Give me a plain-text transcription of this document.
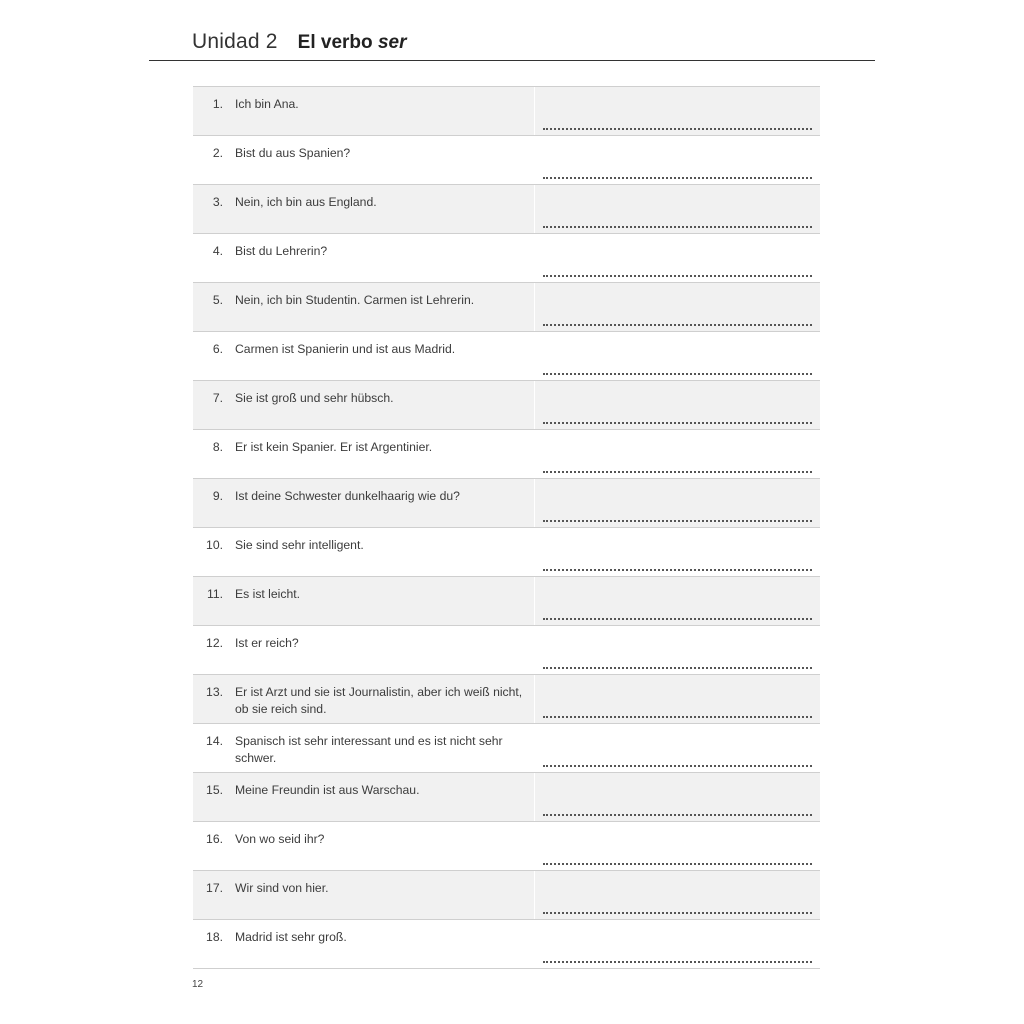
Unidad 2 El verbo ser
1. Ich bin Ana.
2. Bist du aus Spanien?
3. Nein, ich bin aus England.
4. Bist du Lehrerin?
5. Nein, ich bin Studentin. Carmen ist Lehrerin.
6. Carmen ist Spanierin und ist aus Madrid.
7. Sie ist groß und sehr hübsch.
8. Er ist kein Spanier. Er ist Argentinier.
9. Ist deine Schwester dunkelhaarig wie du?
10. Sie sind sehr intelligent.
11. Es ist leicht.
12. Ist er reich?
13. Er ist Arzt und sie ist Journalistin, aber ich weiß nicht, ob sie reich sind.
14. Spanisch ist sehr interessant und es ist nicht sehr schwer.
15. Meine Freundin ist aus Warschau.
16. Von wo seid ihr?
17. Wir sind von hier.
18. Madrid ist sehr groß.
12
